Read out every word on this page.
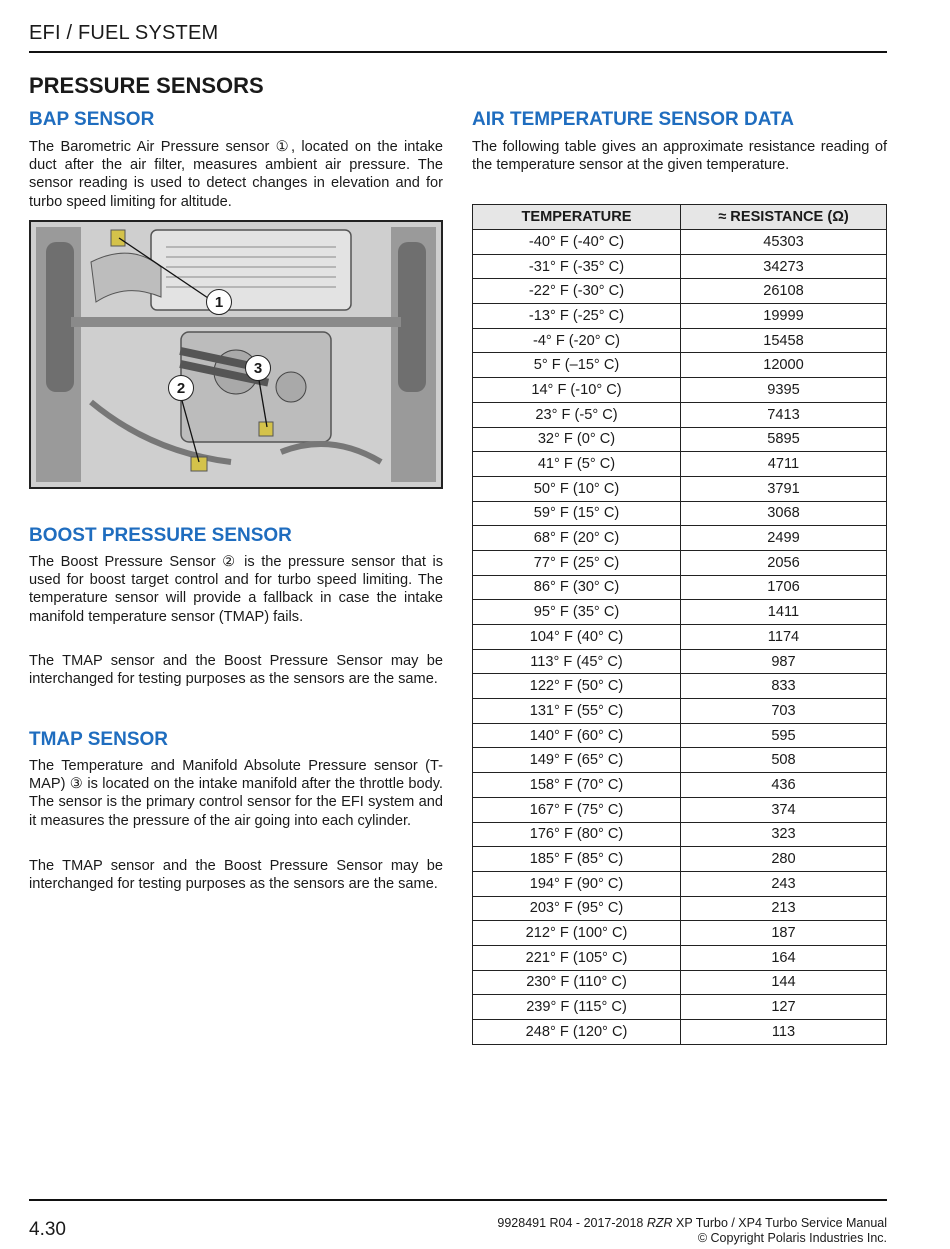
EFI / FUEL SYSTEM
PRESSURE SENSORS
BAP SENSOR

The Barometric Air Pressure sensor ①, located on the intake duct after the air filter, measures ambient air pressure. The sensor reading is used to detect changes in elevation and for turbo speed limiting for altitude.

1
2
3
BOOST PRESSURE SENSOR

The Boost Pressure Sensor ② is the pressure sensor that is used for boost target control and for turbo speed limiting. The temperature sensor will provide a fallback in case the intake manifold temperature sensor (TMAP) fails.

The TMAP sensor and the Boost Pressure Sensor may be interchanged for testing purposes as the sensors are the same.

TMAP SENSOR

The Temperature and Manifold Absolute Pressure sensor (T-MAP) ③ is located on the intake manifold after the throttle body. The sensor is the primary control sensor for the EFI system and it measures the pressure of the air going into each cylinder.

The TMAP sensor and the Boost Pressure Sensor may be interchanged for testing purposes as the sensors are the same.

AIR TEMPERATURE SENSOR DATA

The following table gives an approximate resistance reading of the temperature sensor at the given temperature.

TEMPERATURE	≈ RESISTANCE (Ω)
-40° F (-40° C)	45303
-31° F (-35° C)	34273
-22° F (-30° C)	26108
-13° F (-25° C)	19999
-4° F (-20° C)	15458
5° F (–15° C)	12000
14° F (-10° C)	9395
23° F (-5° C)	7413
32° F (0° C)	5895
41° F (5° C)	4711
50° F (10° C)	3791
59° F (15° C)	3068
68° F (20° C)	2499
77° F (25° C)	2056
86° F (30° C)	1706
95° F (35° C)	1411
104° F (40° C)	1174
113° F (45° C)	987
122° F (50° C)	833
131° F (55° C)	703
140° F (60° C)	595
149° F (65° C)	508
158° F (70° C)	436
167° F (75° C)	374
176° F (80° C)	323
185° F (85° C)	280
194° F (90° C)	243
203° F (95° C)	213
212° F (100° C)	187
221° F (105° C)	164
230° F (110° C)	144
239° F (115° C)	127
248° F (120° C)	113
4.30	9928491 R04 - 2017-2018 RZR XP Turbo / XP4 Turbo Service Manual
© Copyright Polaris Industries Inc.
